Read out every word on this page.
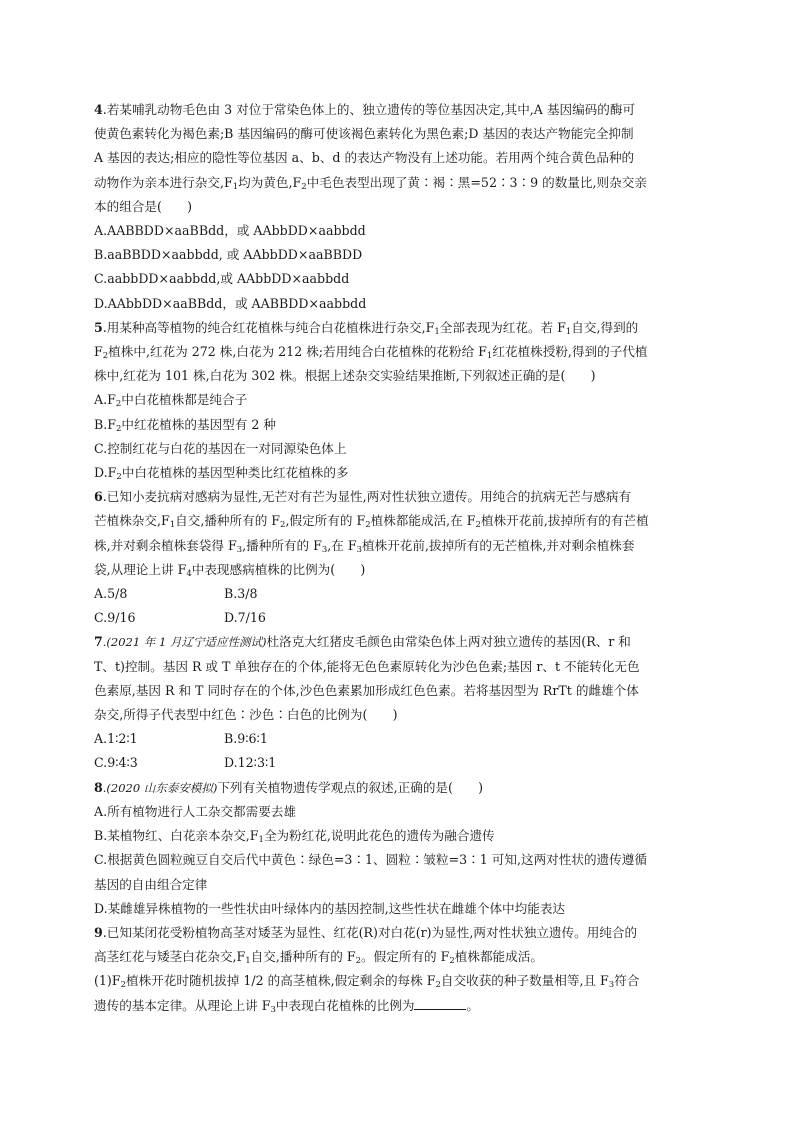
4.若某哺乳动物毛色由 3 对位于常染色体上的、独立遗传的等位基因决定,其中,A 基因编码的酶可
使黄色素转化为褐色素;B 基因编码的酶可使该褐色素转化为黑色素;D 基因的表达产物能完全抑制
A 基因的表达;相应的隐性等位基因 a、b、d 的表达产物没有上述功能。若用两个纯合黄色品种的
动物作为亲本进行杂交$,F_1$均为黄色$,F_2$中毛色表型出现了黄∶褐∶黑=52∶3∶9 的数量比,则杂交亲
本的组合是(　　)
A.AABBDD×aaBBdd，或 AAbbDD×aabbdd
B.aaBBDD×aabbdd, 或 AAbbDD×aaBBDD
C.aabbDD×aabbdd,或 AAbbDD×aabbdd
D.AAbbDD×aaBBdd，或 AABBDD×aabbdd
5.用某种高等植物的纯合红花植株与纯合白花植株进行杂交$,F_1$全部表现为红花。若 $F_1$自交,得到的
$F_2$植株中,红花为 272 株,白花为 212 株;若用纯合白花植株的花粉给 $F_1$红花植株授粉,得到的子代植
株中,红花为 101 株,白花为 302 株。根据上述杂交实验结果推断,下列叙述正确的是(　　)
$A.F_2$中白花植株都是纯合子
$B.F_2$中红花植株的基因型有 2 种
C.控制红花与白花的基因在一对同源染色体上
$D.F_2$中白花植株的基因型种类比红花植株的多
6.已知小麦抗病对感病为显性,无芒对有芒为显性,两对性状独立遗传。用纯合的抗病无芒与感病有
芒植株杂交$,F_1$自交,播种所有的 $F_2$,假定所有的 $F_2$植株都能成活,在 $F_2$植株开花前,拔掉所有的有芒植
株,并对剩余植株套袋得 $F_3$,播种所有的 $F_3$,在 $F_3$植株开花前,拔掉所有的无芒植株,并对剩余植株套
袋,从理论上讲 $F_4$中表现感病植株的比例为(　　)
A.5/8	B.3/8
C.9/16	D.7/16
7.(2021 年 1 月辽宁适应性测试)杜洛克大红猪皮毛颜色由常染色体上两对独立遗传的基因(R、r 和
T、t)控制。基因 R 或 T 单独存在的个体,能将无色色素原转化为沙色色素;基因 r、t 不能转化无色
色素原,基因 R 和 T 同时存在的个体,沙色色素累加形成红色色素。若将基因型为 RrTt 的雌雄个体
杂交,所得子代表型中红色∶沙色∶白色的比例为(　　)
A.1∶2∶1	B.9∶6∶1
C.9∶4∶3	D.12∶3∶1
8.(2020 山东泰安模拟)下列有关植物遗传学观点的叙述,正确的是(　　)
A.所有植物进行人工杂交都需要去雄
B.某植物红、白花亲本杂交$,F_1$全为粉红花,说明此花色的遗传为融合遗传
C.根据黄色圆粒豌豆自交后代中黄色∶绿色=3∶1、圆粒∶皱粒=3∶1 可知,这两对性状的遗传遵循
基因的自由组合定律
D.某雌雄异株植物的一些性状由叶绿体内的基因控制,这些性状在雌雄个体中均能表达
9.已知某闭花受粉植物高茎对矮茎为显性、红花(R)对白花(r)为显性,两对性状独立遗传。用纯合的
高茎红花与矮茎白花杂交$,F_1$自交,播种所有的 $F_2$。假定所有的 $F_2$植株都能成活。
$(1)F_2$植株开花时随机拔掉 1/2 的高茎植株,假定剩余的每株 $F_2$自交收获的种子数量相等,且 $F_3$符合
遗传的基本定律。从理论上讲 $F_3$中表现白花植株的比例为	。
